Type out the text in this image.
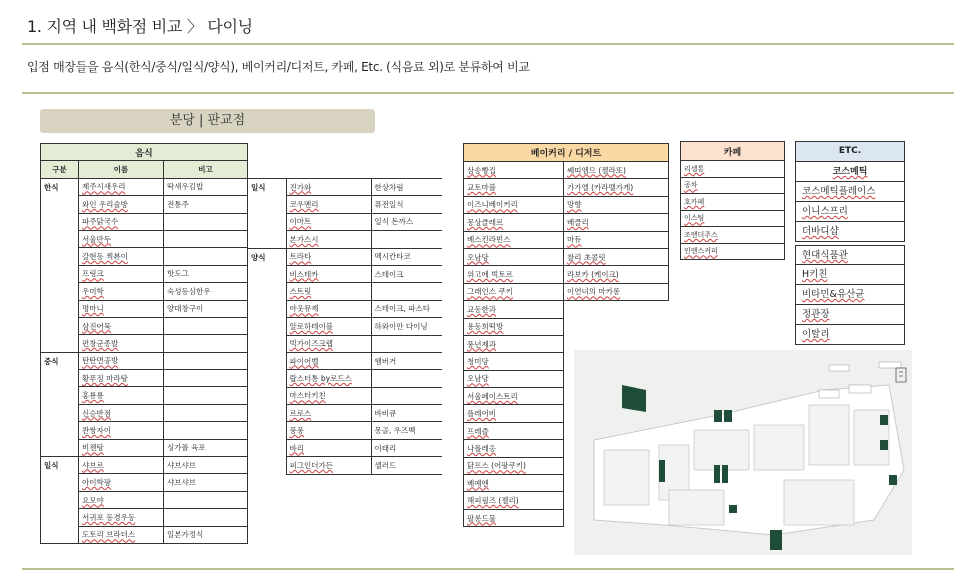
1. 지역 내 백화점 비교 〉 다이닝
입점 매장들을 음식(한식/중식/일식/양식), 베이커리/디저트, 카페, Etc. (식음료 외)로 분류하여 비교
분당 | 판교점
음식		
구분	이름	비고
한식	제주시새우리	딱새우김밥
	와인 우리술방	전통주
	파주닭국수	
	서울만두	
	갈현동 찍뷰이	
	프링크	핫도그
	우미학	숙성등심한우
	명마니	양대창구이
	삼진어묵	
	편창군종발	
중식	탄탄면공방	
	황푸징 마라탕	
	홍룡룡	
	신승반점	
	콴쌍자이	
	비젠탕	싱가폴 육포
일식	샤브르	샤브샤브
	아이학팡	샤브샤브
	요모야	
	서귀포 등경우동	
	도토리 브라더스	일본가정식
일식	진가와	한상차림
	코우멘리	퓨전일식
	이마트	일식 돈까스
	본가스시	
양식	트라타	멕시칸타코
	비스테카	스테이크
	스트릿	
	아웃뮤제	스테이크, 파스타
	알로하테이블	하와이안 다이닝
	빅가이즈크랩	
	파이어벨	햄버거
	랍스터통 by로드스	
	마스터키친	
	르로스	바비큐
	풍풍	몽골, 우즈벡
	바리	이태리
	피그인더가든	샐러드
베이커리 / 디저트	
삼송빵집	쎄띠엠므 (젤라또)
교토마블	가가엘 (카라멜가게)
이즈니베이커리	망향
몽상클레르	베클리
베스킨라빈스	마듀
오남당	찰리 초콜릿
위고에 빅토르	라보카 (케이크)
그래인스 쿠키	이연녀의 마카롱
교동한과	
용동희떡방	
풍년제과	
청미당	
오남당	
서울페이스트리	
플레어비	
프레즐	
나폴레옹	
닭프스 (어팡쿠키)	
베예엔	
해피필즈 (젤리)	
팔롱드물	
카페
리셀통
공차
호카페
이스팀
조앤더주스
인앤스커피
ETC.
코스메틱
코스메틱플레이스
이니스프리
더바디샵
현대식품관
H키친
비타민&유산균
정관장
이탈리
